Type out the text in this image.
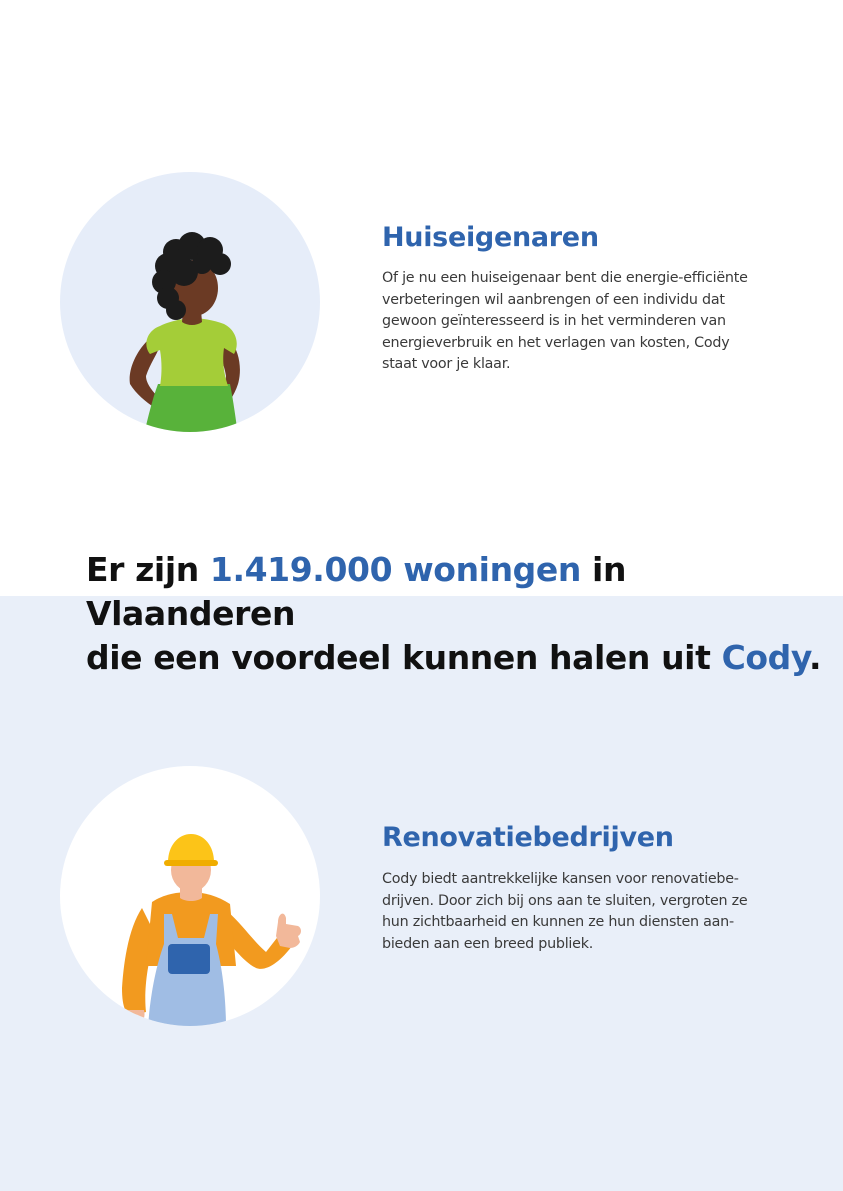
Huiseigenaren

Of je nu een huiseigenaar bent die energie-efficiënte
verbeteringen wil aanbrengen of een individu dat
gewoon geïnteresseerd is in het verminderen van
energieverbruik en het verlagen van kosten, Cody
staat voor je klaar.

Er zijn 1.419.000 woningen in Vlaanderen
die een voordeel kunnen halen uit Cody.
Renovatiebedrijven

Cody biedt aantrekkelijke kansen voor renovatiebe-
drijven. Door zich bij ons aan te sluiten, vergroten ze
hun zichtbaarheid en kunnen ze hun diensten aan-
bieden aan een breed publiek.
